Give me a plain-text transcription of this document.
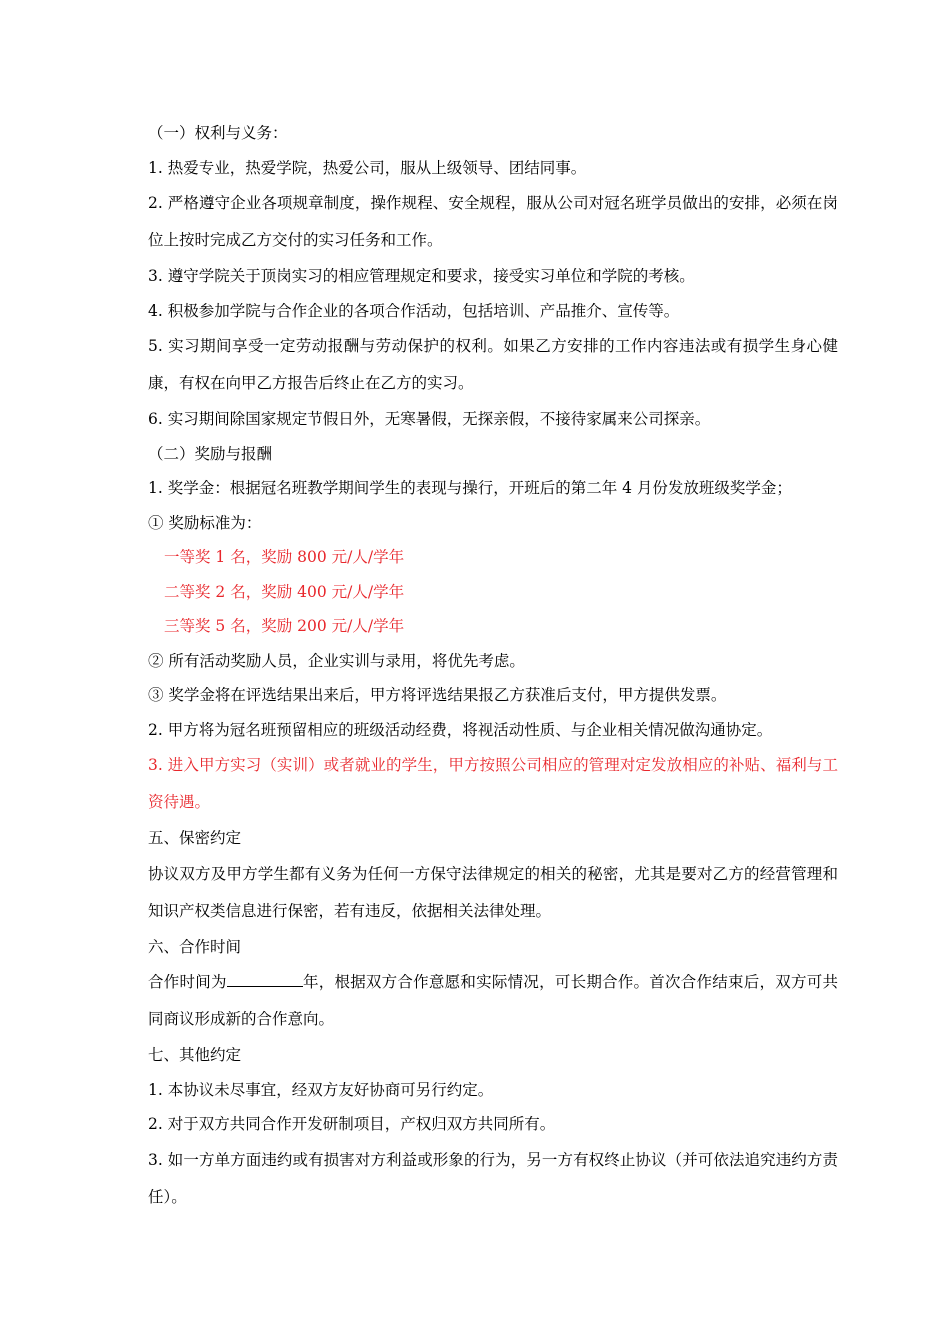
（一）权利与义务：

1. 热爱专业，热爱学院，热爱公司，服从上级领导、团结同事。

2. 严格遵守企业各项规章制度，操作规程、安全规程，服从公司对冠名班学员做出的安排，必须在岗位上按时完成乙方交付的实习任务和工作。

3. 遵守学院关于顶岗实习的相应管理规定和要求，接受实习单位和学院的考核。

4. 积极参加学院与合作企业的各项合作活动，包括培训、产品推介、宣传等。

5. 实习期间享受一定劳动报酬与劳动保护的权利。如果乙方安排的工作内容违法或有损学生身心健康，有权在向甲乙方报告后终止在乙方的实习。

6. 实习期间除国家规定节假日外，无寒暑假，无探亲假，不接待家属来公司探亲。

（二）奖励与报酬

1. 奖学金：根据冠名班教学期间学生的表现与操行，开班后的第二年 4 月份发放班级奖学金；

① 奖励标准为：

一等奖 1 名，奖励 800 元/人/学年

二等奖 2 名，奖励 400 元/人/学年

三等奖 5 名，奖励 200 元/人/学年

② 所有活动奖励人员，企业实训与录用，将优先考虑。

③ 奖学金将在评选结果出来后，甲方将评选结果报乙方获准后支付，甲方提供发票。

2. 甲方将为冠名班预留相应的班级活动经费，将视活动性质、与企业相关情况做沟通协定。

3. 进入甲方实习（实训）或者就业的学生，甲方按照公司相应的管理对定发放相应的补贴、福利与工资待遇。

五、保密约定

协议双方及甲方学生都有义务为任何一方保守法律规定的相关的秘密，尤其是要对乙方的经营管理和知识产权类信息进行保密，若有违反，依据相关法律处理。

六、合作时间

合作时间为	年，根据双方合作意愿和实际情况，可长期合作。首次合作结束后，双方可共同商议形成新的合作意向。

七、其他约定

1. 本协议未尽事宜，经双方友好协商可另行约定。

2. 对于双方共同合作开发研制项目，产权归双方共同所有。

3. 如一方单方面违约或有损害对方利益或形象的行为，另一方有权终止协议（并可依法追究违约方责任）。
